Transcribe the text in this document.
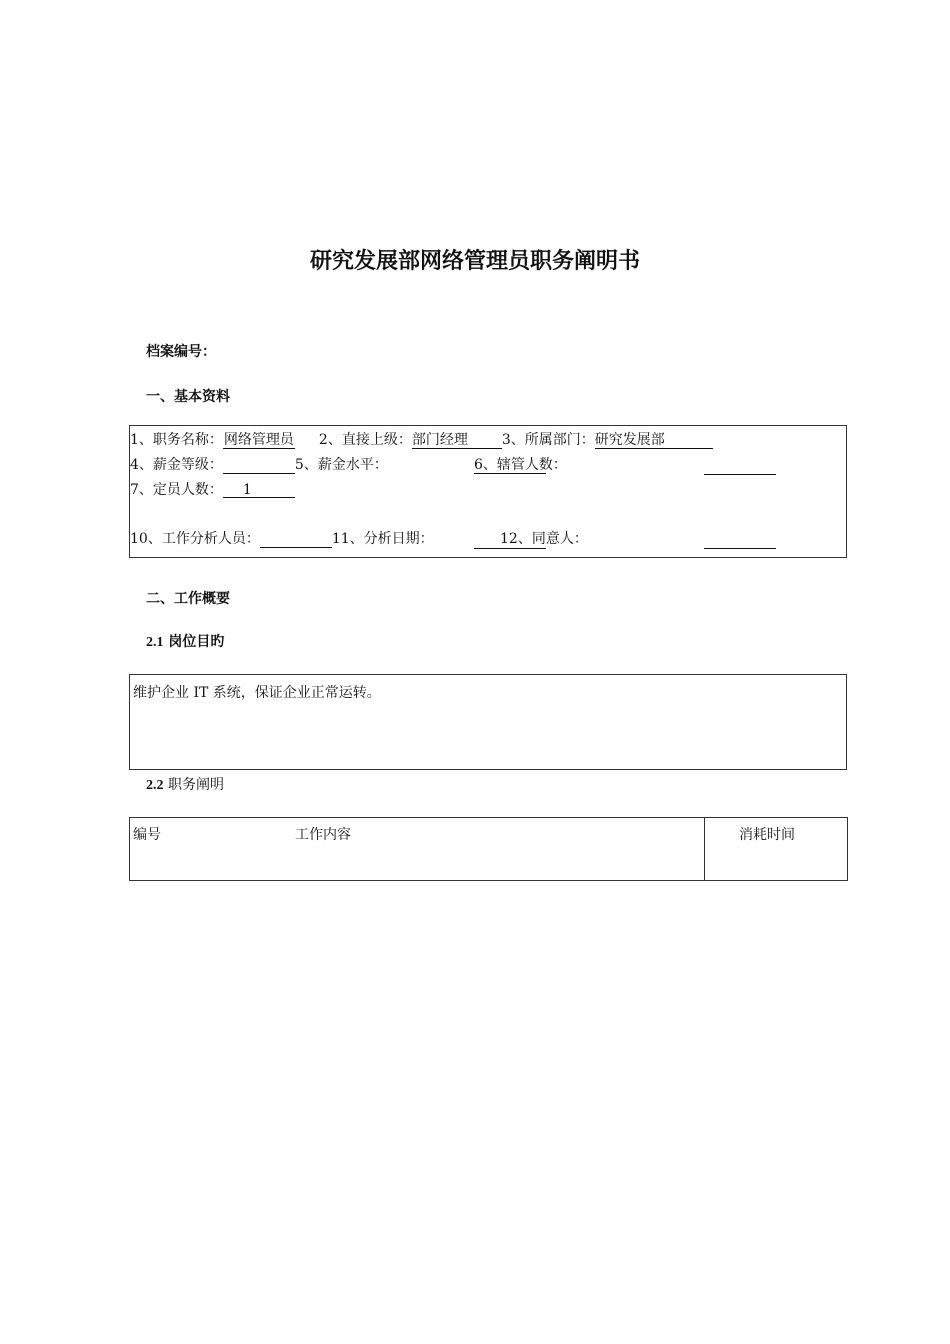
研究发展部网络管理员职务阐明书
档案编号：
一、基本资料
1、职务名称：网络管理员 2、直接上级：部门经理 3、所属部门：研究发展部
4、薪金等级：	5、薪金水平：	6、辖管人数：
7、定员人数： 1
10、工作分析人员：	11、分析日期：	12、同意人：
二、工作概要
2.1 岗位目旳
维护企业 IT 系统，保证企业正常运转。
2.2 职务阐明
编号	工作内容	消耗时间
